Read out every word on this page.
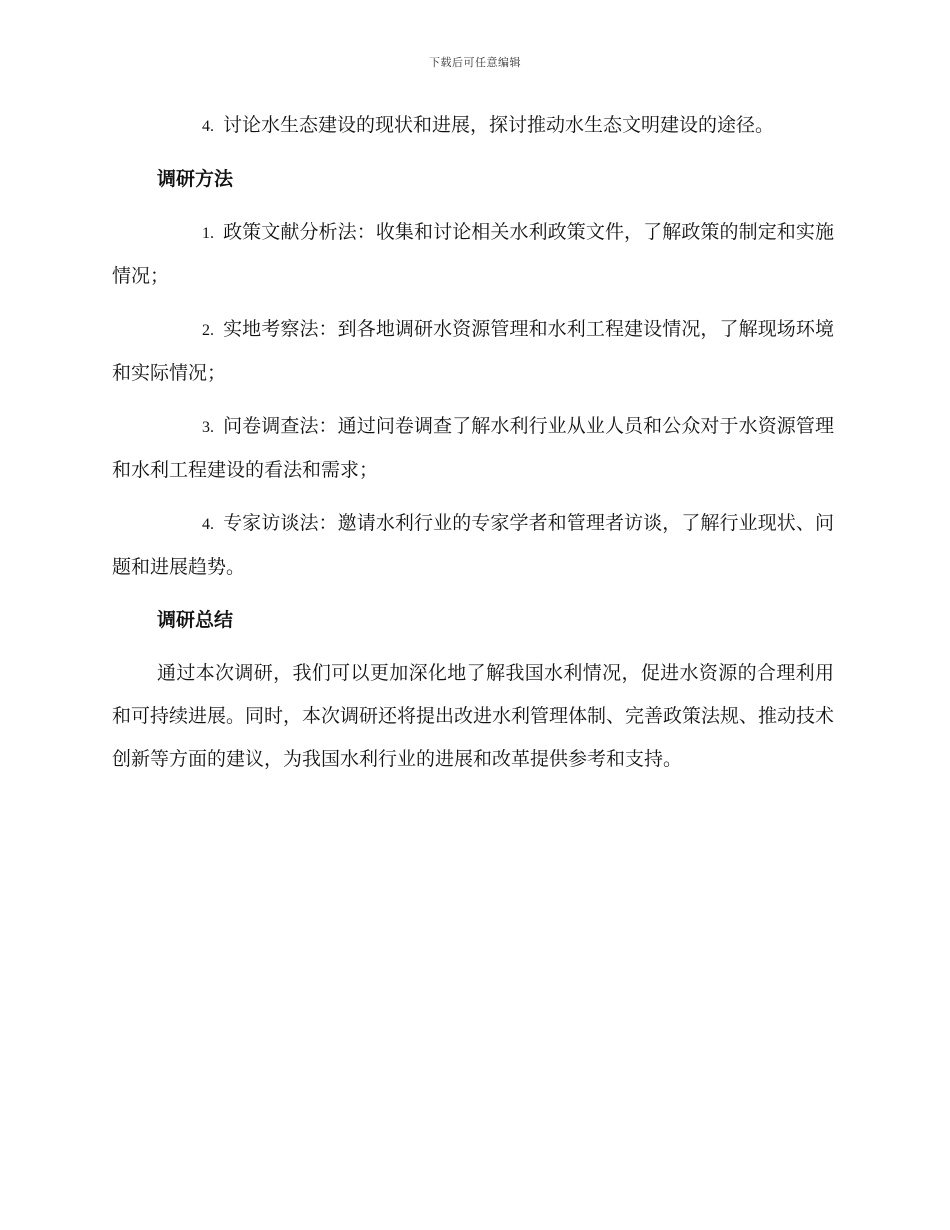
下载后可任意编辑

4. 讨论水生态建设的现状和进展，探讨推动水生态文明建设的途径。

调研方法

1. 政策文献分析法：收集和讨论相关水利政策文件，了解政策的制定和实施情况；

2. 实地考察法：到各地调研水资源管理和水利工程建设情况，了解现场环境和实际情况；

3. 问卷调查法：通过问卷调查了解水利行业从业人员和公众对于水资源管理和水利工程建设的看法和需求；

4. 专家访谈法：邀请水利行业的专家学者和管理者访谈，了解行业现状、问题和进展趋势。

调研总结

通过本次调研，我们可以更加深化地了解我国水利情况，促进水资源的合理利用和可持续进展。同时，本次调研还将提出改进水利管理体制、完善政策法规、推动技术创新等方面的建议，为我国水利行业的进展和改革提供参考和支持。
